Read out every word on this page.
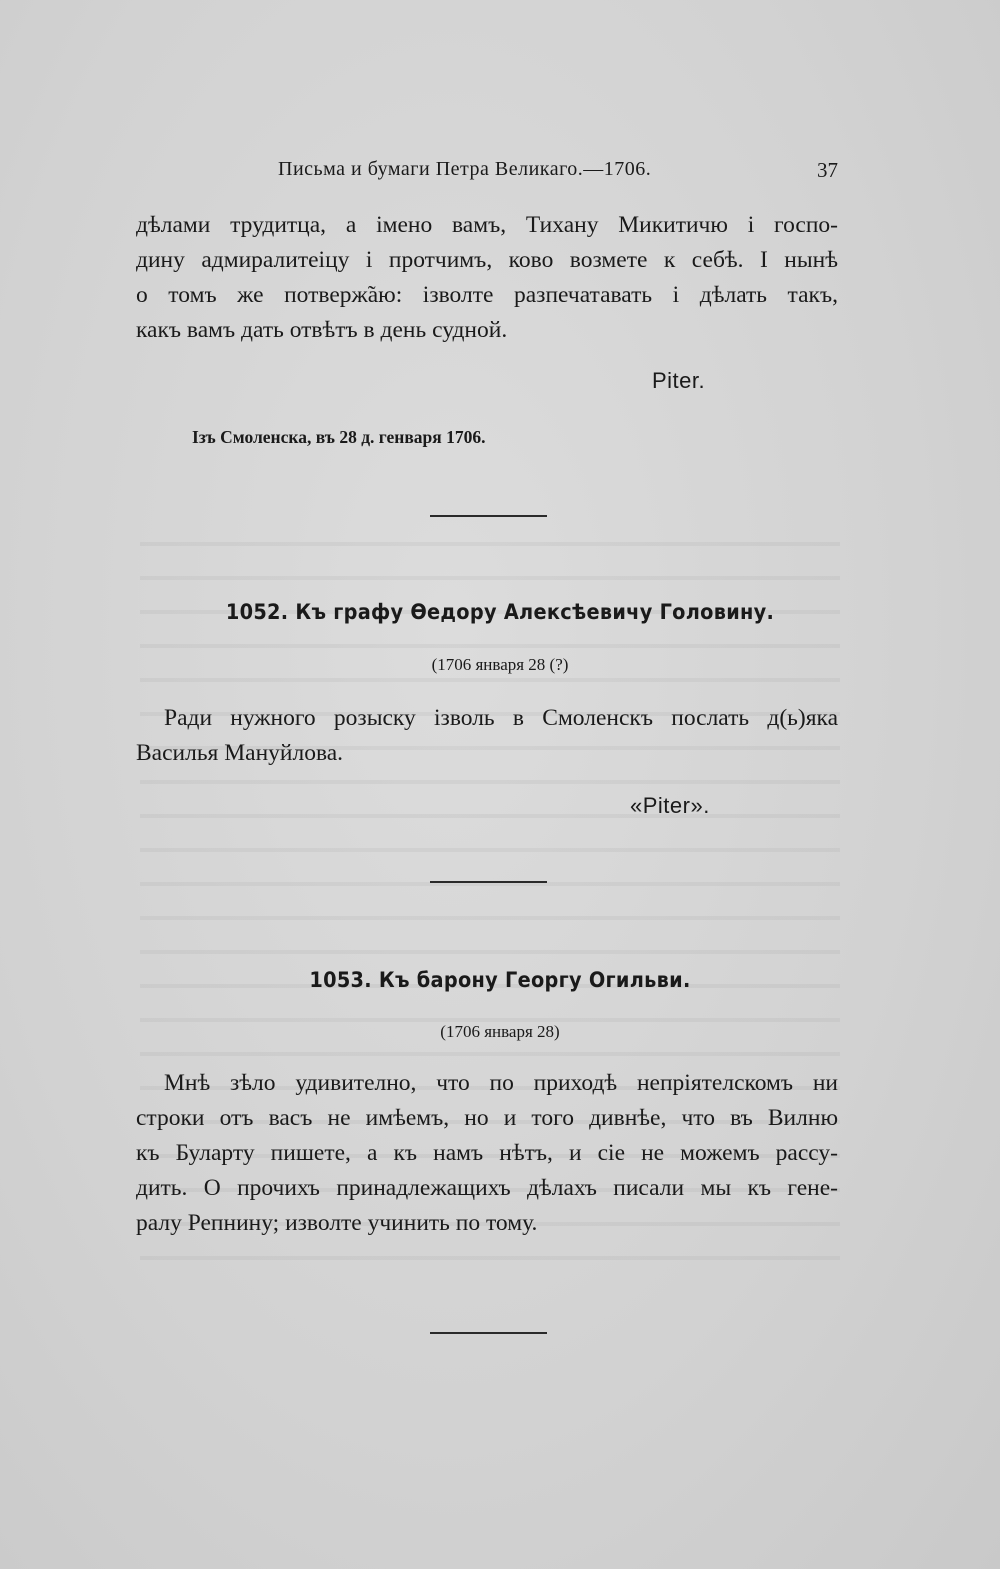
Письма и бумаги Петра Великаго.—1706.	37
дѣлами трудитца, а імено вамъ, Тихану Микитичю і госпо-
дину адмиралитеіцу і протчимъ, ково возмете к себѣ. І нынѣ
о томъ же потверж̃аю: ізволте разпечатавать і дѣлать такъ,
какъ вамъ дать отвѣтъ в день судной.
Piter.
Ізъ Смоленска, въ 28 д. генваря 1706.
1052. Къ графу Ѳедору Алексѣевичу Головину.
(1706 января 28 (?)
Ради нужного розыску ізволь в Смоленскъ послать д(ь)яка
Василья Мануйлова.
«Piter».
1053. Къ барону Георгу Огильви.
(1706 января 28)
Мнѣ зѣло удивително, что по приходѣ непріятелскомъ ни
строки отъ васъ не имѣемъ, но и того дивнѣе, что въ Вилню
къ Буларту пишете, а къ намъ нѣтъ, и сіе не можемъ рассу-
дить. О прочихъ принадлежащихъ дѣлахъ писали мы къ гене-
ралу Репнину; изволте учинить по тому.
